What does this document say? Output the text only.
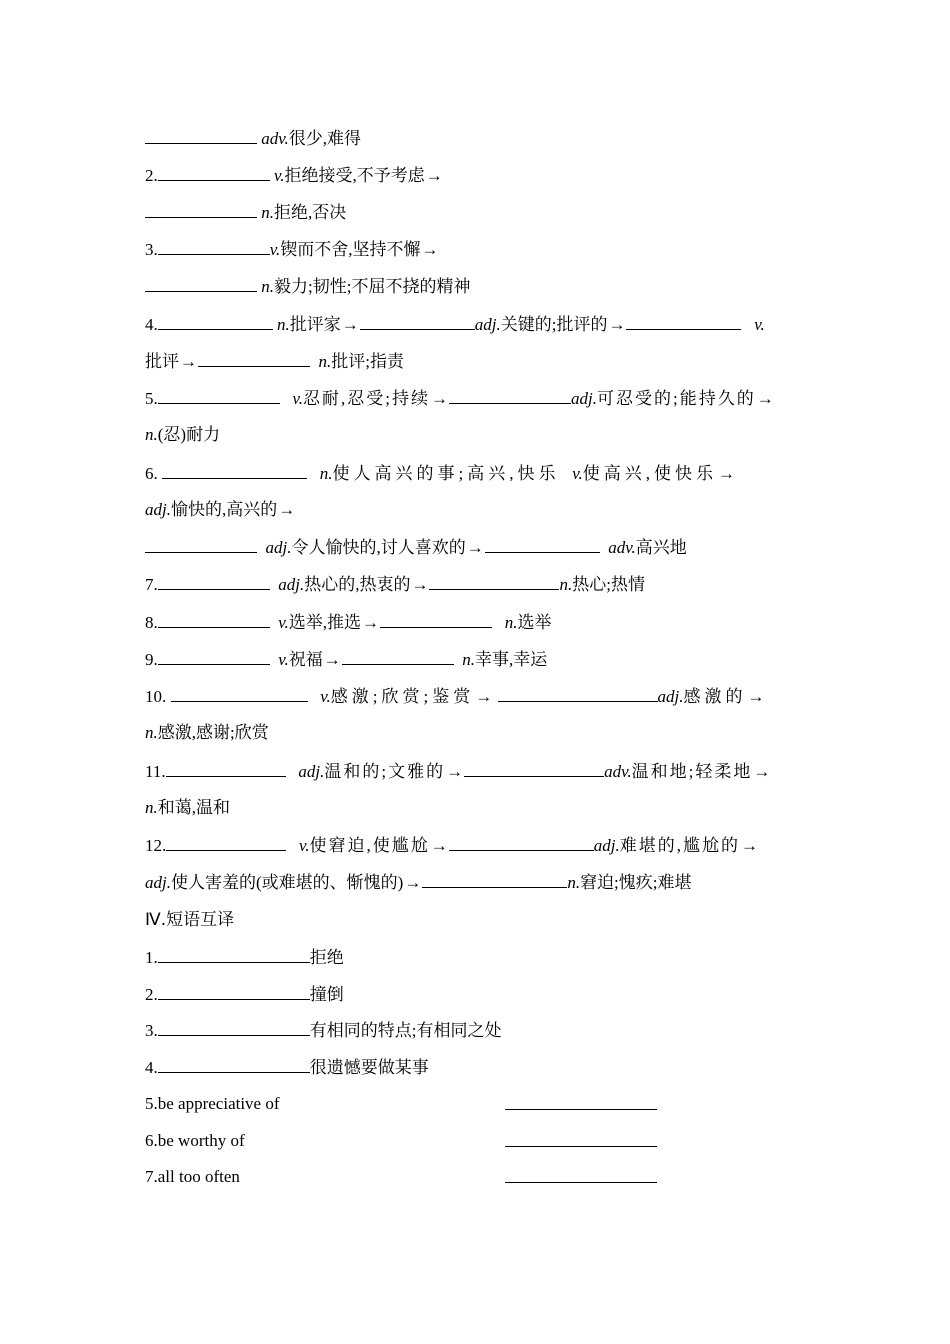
adv.很少,难得
2.	v.拒绝接受,不予考虑→
n.拒绝,否决
3.	v.锲而不舍,坚持不懈→
n.毅力;韧性;不屈不挠的精神
4.	n.批评家→	adj.关键的;批评的→	v.
批评→	n.批评;指责
5.	v.忍耐,忍受;持续→	adj.可忍受的;能持久的→
n.(忍)耐力
6.	n.使人高兴的事;高兴,快乐 v.使高兴,使快乐→
adj.愉快的,高兴的→
adj.令人愉快的,讨人喜欢的→	adv.高兴地
7.	adj.热心的,热衷的→	n.热心;热情
8.	v.选举,推选→	n.选举
9.	v.祝福→	n.幸事,幸运
10.	v.感激;欣赏;鉴赏→	adj.感激的→
n.感激,感谢;欣赏
11.	adj.温和的;文雅的→	adv.温和地;轻柔地→
n.和蔼,温和
12.	v.使窘迫,使尴尬→	adj.难堪的,尴尬的→
adj.使人害羞的(或难堪的、惭愧的)→	n.窘迫;愧疚;难堪
Ⅳ.短语互译
1.	拒绝
2.	撞倒
3.	有相同的特点;有相同之处
4.	很遗憾要做某事
5.be appreciative of
6.be worthy of
7.all too often
